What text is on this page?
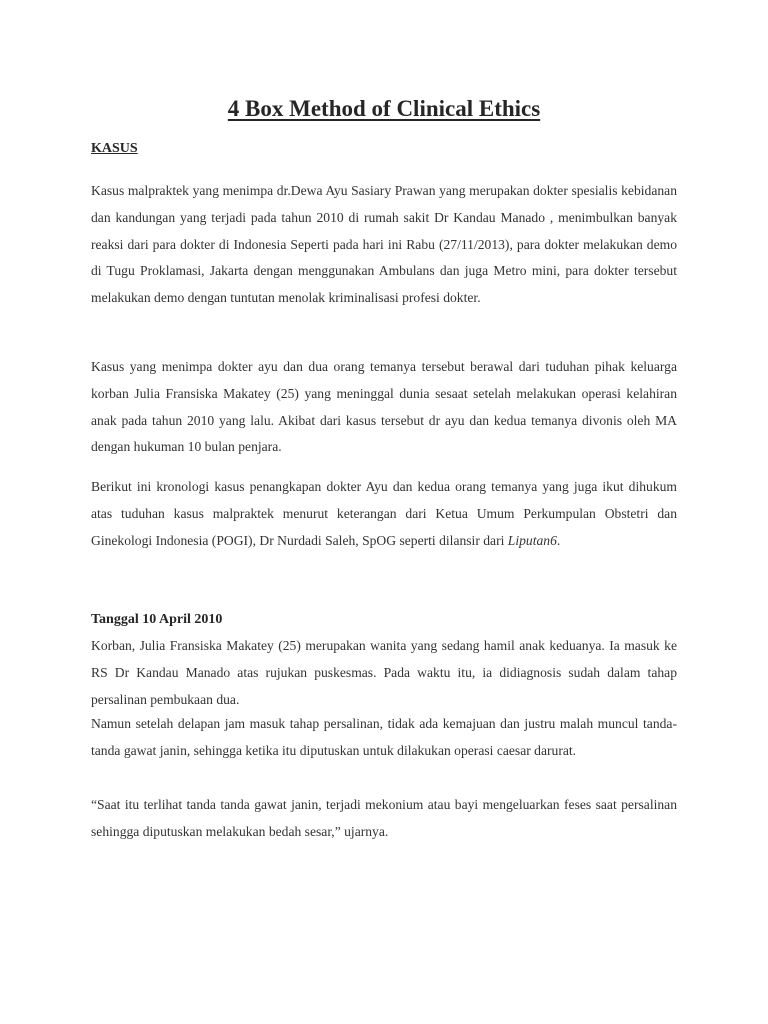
4 Box Method of Clinical Ethics
KASUS

Kasus malpraktek yang menimpa dr.Dewa Ayu Sasiary Prawan yang merupakan dokter spesialis kebidanan dan kandungan yang terjadi pada tahun 2010 di rumah sakit Dr Kandau Manado , menimbulkan banyak reaksi dari para dokter di Indonesia Seperti pada hari ini Rabu (27/11/2013), para dokter melakukan demo di Tugu Proklamasi, Jakarta dengan menggunakan Ambulans dan juga Metro mini, para dokter tersebut melakukan demo dengan tuntutan menolak kriminalisasi profesi dokter.

Kasus yang menimpa dokter ayu dan dua orang temanya tersebut berawal dari tuduhan pihak keluarga korban Julia Fransiska Makatey (25) yang meninggal dunia sesaat setelah melakukan operasi kelahiran anak pada tahun 2010 yang lalu. Akibat dari kasus tersebut dr ayu dan kedua temanya divonis oleh MA dengan hukuman 10 bulan penjara.

Berikut ini kronologi kasus penangkapan dokter Ayu dan kedua orang temanya yang juga ikut dihukum atas tuduhan kasus malpraktek menurut keterangan dari Ketua Umum Perkumpulan Obstetri dan Ginekologi Indonesia (POGI), Dr Nurdadi Saleh, SpOG seperti dilansir dari Liputan6.

Tanggal 10 April 2010

Korban, Julia Fransiska Makatey (25) merupakan wanita yang sedang hamil anak keduanya. Ia masuk ke RS Dr Kandau Manado atas rujukan puskesmas. Pada waktu itu, ia didiagnosis sudah dalam tahap persalinan pembukaan dua.

Namun setelah delapan jam masuk tahap persalinan, tidak ada kemajuan dan justru malah muncul tanda-tanda gawat janin, sehingga ketika itu diputuskan untuk dilakukan operasi caesar darurat.

“Saat itu terlihat tanda tanda gawat janin, terjadi mekonium atau bayi mengeluarkan feses saat persalinan sehingga diputuskan melakukan bedah sesar,” ujarnya.
